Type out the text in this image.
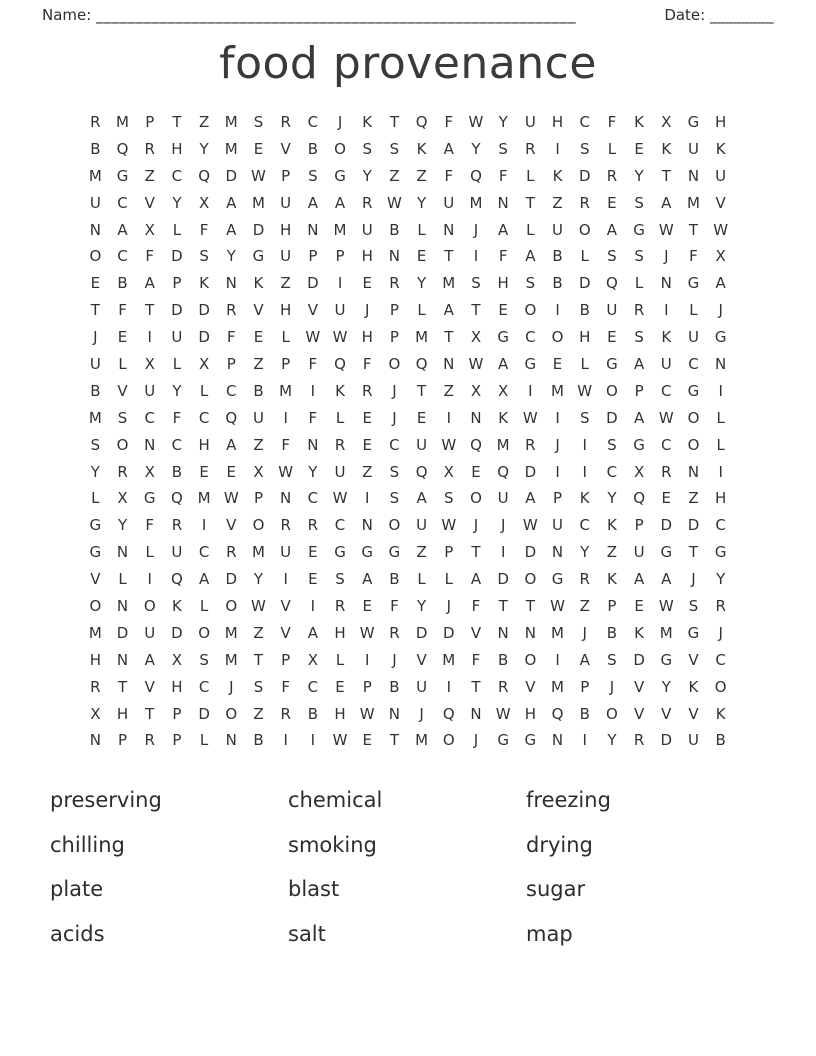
Name: ____________________________________________________________	Date: ________
food provenance
R	M	P	T	Z	M	S	R	C	J	K	T	Q	F	W	Y	U	H	C	F	K	X	G	H
B	Q	R	H	Y	M	E	V	B	O	S	S	K	A	Y	S	R	I	S	L	E	K	U	K
M G	Z	C	Q	D W	P	S	G	Y	Z	Z	F	Q	F	L	K	D	R	Y	T	N	U
U	C	V	Y	X	A	M	U	A	A	R W	Y	U	M	N	T	Z	R	E	S	A	M	V
N	A	X	L	F	A	D	H	N	M	U	B	L	N	J	A	L	U	O	A	G W	T	W
O	C	F	D	S	Y	G	U	P	P	H	N	E	T	I	F	A	B	L	S	S	J	F	X
E	B	A	P	K	N	K	Z	D	I	E	R	Y	M	S	H	S	B	D	Q	L	N	G	A
T	F	T	D	D	R	V	H	V	U	J	P	L	A	T	E	O	I	B	U	R	I	L	J
J	E	I	U	D	F	E	L	W W H	P	M	T	X	G	C	O	H	E	S	K	U	G
U	L	X	L	X	P	Z	P	F	Q	F	O	Q	N W A	G	E	L	G	A	U	C	N
B	V	U	Y	L	C	B	M	I	K	R	J	T	Z	X	X	I	M W O	P	C	G	I
M	S	C	F	C	Q	U	I	F	L	E	J	E	I	N	K W	I	S	D	A W O	L
S	O	N	C	H	A	Z	F	N	R	E	C	U W Q M	R	J	I	S	G	C	O	L
Y	R	X	B	E	E	X W	Y	U	Z	S	Q	X	E	Q	D	I	I	C	X	R	N	I
L	X	G	Q M W	P	N	C W	I	S	A	S	O	U	A	P	K	Y	Q	E	Z	H
G	Y	F	R	I	V	O	R	R	C	N	O	U W	J	J	W U	C	K	P	D	D	C
G	N	L	U	C	R	M	U	E	G	G	G	Z	P	T	I	D	N	Y	Z	U	G	T	G
V	L	I	Q	A	D	Y	I	E	S	A	B	L	L	A	D	O	G	R	K	A	A	J	Y
O	N	O	K	L	O W V	I	R	E	F	Y	J	F	T	T	W Z	P	E	W	S	R
M D	U	D	O M	Z	V	A	H W R	D	D	V	N	N	M	J	B	K	M G	J
H	N	A	X	S	M	T	P	X	L	I	J	V	M	F	B	O	I	A	S	D	G	V	C
R	T	V	H	C	J	S	F	C	E	P	B	U	I	T	R	V	M	P	J	V	Y	K	O
X	H	T	P	D	O	Z	R	B	H W N	J	Q	N W H	Q	B	O	V	V	V	K
N	P	R	P	L	N	B	I	I	W	E	T	M O	J	G	G	N	I	Y	R	D	U	B
preserving
chilling
plate
acids
chemical
smoking
blast
salt
freezing
drying
sugar
map
